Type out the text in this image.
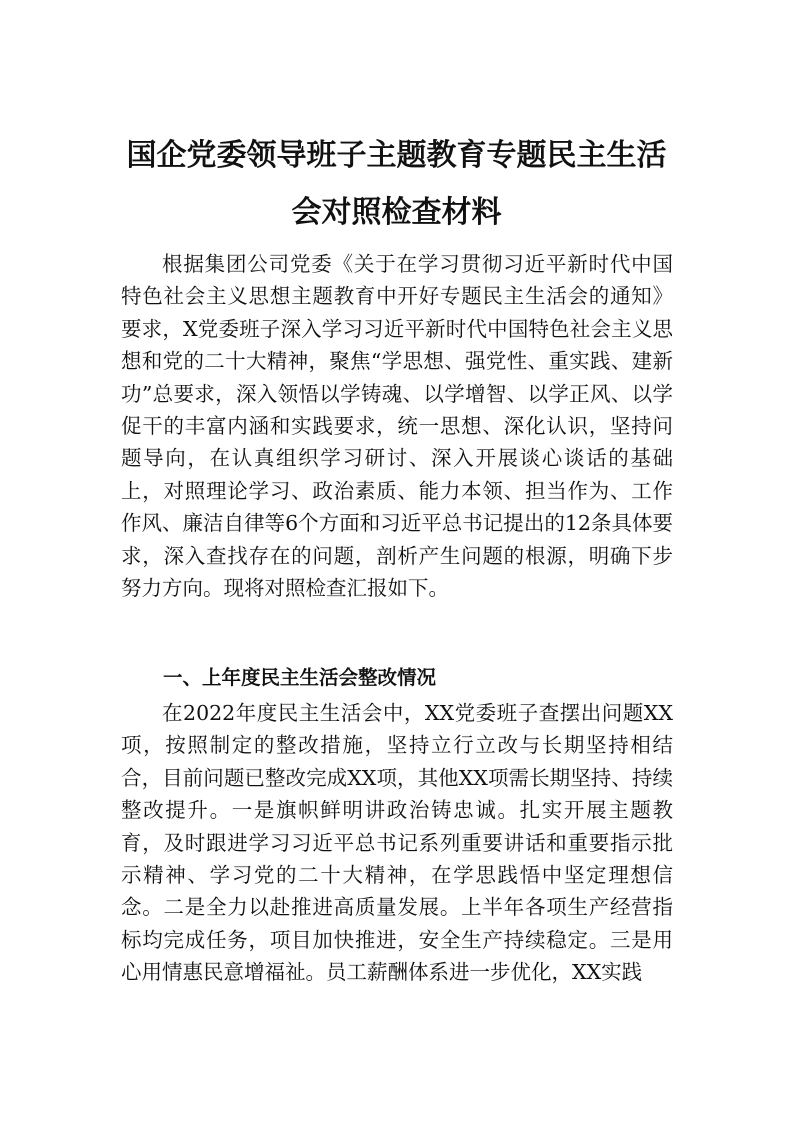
国企党委领导班子主题教育专题民主生活
会对照检查材料

根据集团公司党委《关于在学习贯彻习近平新时代中国特色社会主义思想主题教育中开好专题民主生活会的通知》要求，X党委班子深入学习习近平新时代中国特色社会主义思想和党的二十大精神，聚焦“学思想、强党性、重实践、建新功”总要求，深入领悟以学铸魂、以学增智、以学正风、以学促干的丰富内涵和实践要求，统一思想、深化认识，坚持问题导向，在认真组织学习研讨、深入开展谈心谈话的基础上，对照理论学习、政治素质、能力本领、担当作为、工作作风、廉洁自律等6个方面和习近平总书记提出的12条具体要求，深入查找存在的问题，剖析产生问题的根源，明确下步努力方向。现将对照检查汇报如下。

一、上年度民主生活会整改情况

在2022年度民主生活会中，XX党委班子查摆出问题XX项，按照制定的整改措施，坚持立行立改与长期坚持相结合，目前问题已整改完成XX项，其他XX项需长期坚持、持续整改提升。一是旗帜鲜明讲政治铸忠诚。扎实开展主题教育，及时跟进学习习近平总书记系列重要讲话和重要指示批示精神、学习党的二十大精神，在学思践悟中坚定理想信念。二是全力以赴推进高质量发展。上半年各项生产经营指标均完成任务，项目加快推进，安全生产持续稳定。三是用心用情惠民意增福祉。员工薪酬体系进一步优化，XX实践
